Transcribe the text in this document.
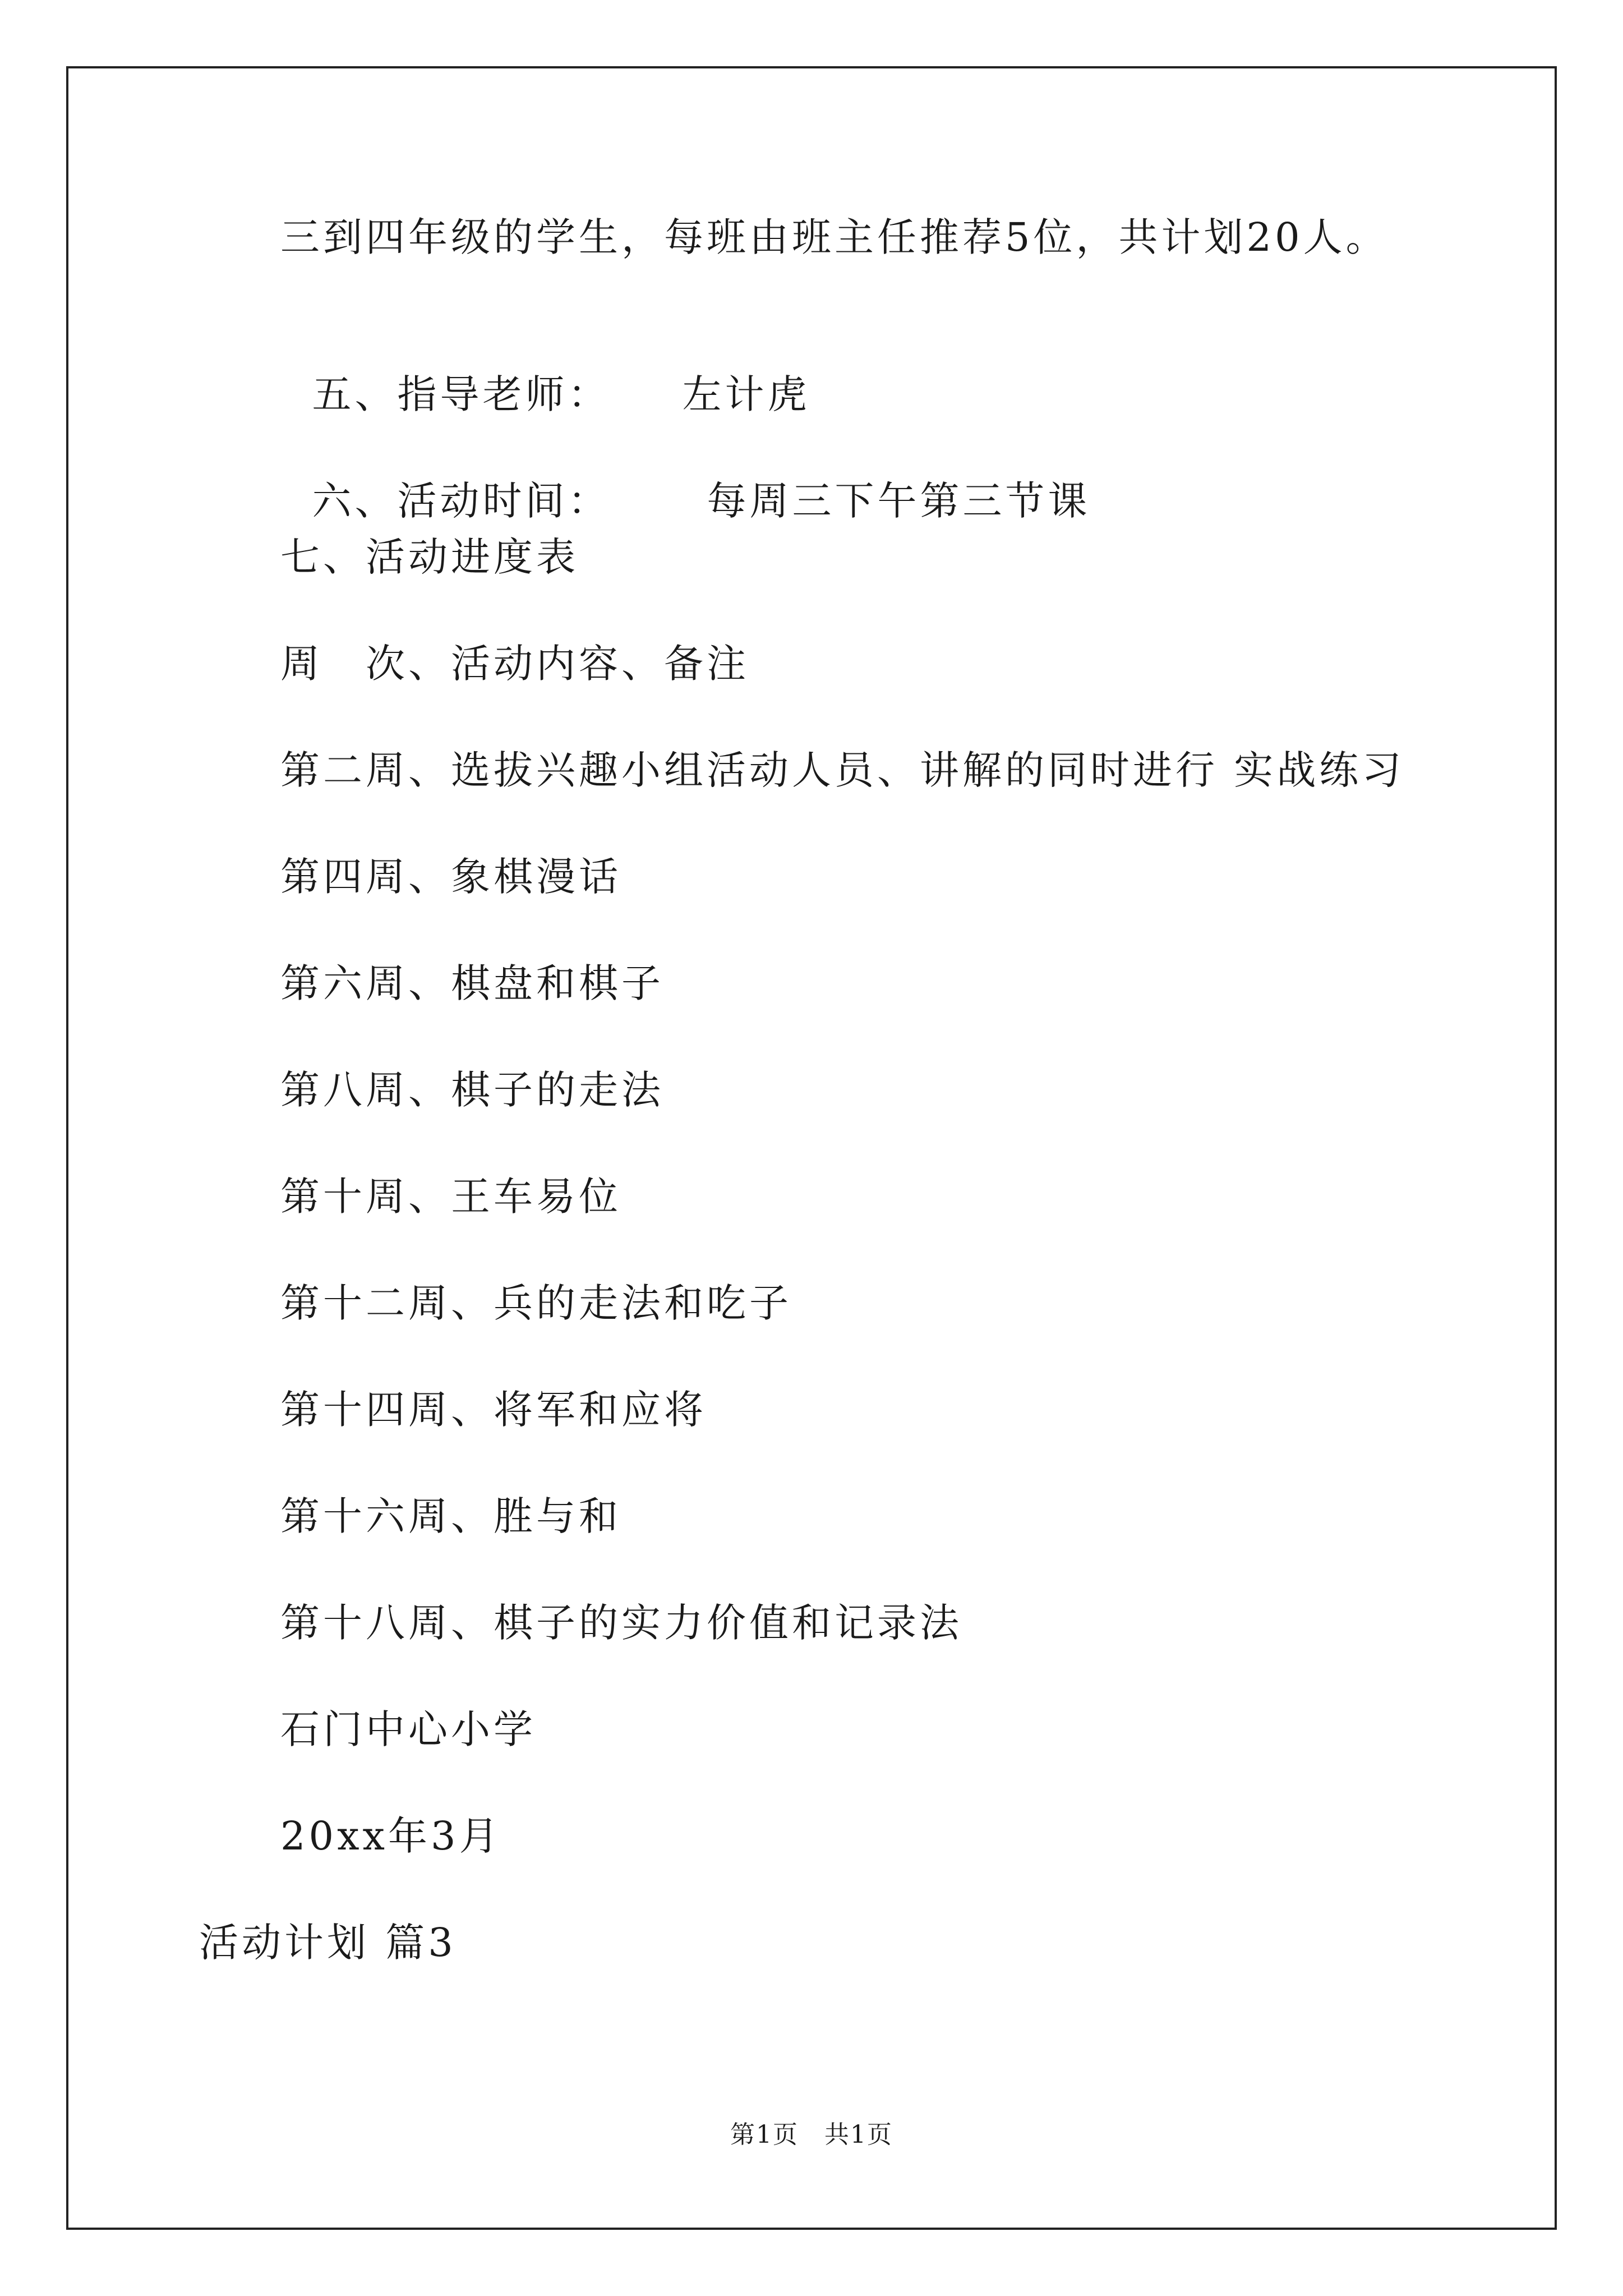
三到四年级的学生，每班由班主任推荐5位，共计划20人。

五、指导老师： 左计虎

六、活动时间： 每周三下午第三节课

七、活动进度表
周　次、活动内容、备注
第二周、选拔兴趣小组活动人员、讲解的同时进行 实战练习
第四周、象棋漫话
第六周、棋盘和棋子
第八周、棋子的走法
第十周、王车易位
第十二周、兵的走法和吃子
第十四周、将军和应将
第十六周、胜与和
第十八周、棋子的实力价值和记录法
石门中心小学
20xx年3月
活动计划 篇3
第1页　共1页
